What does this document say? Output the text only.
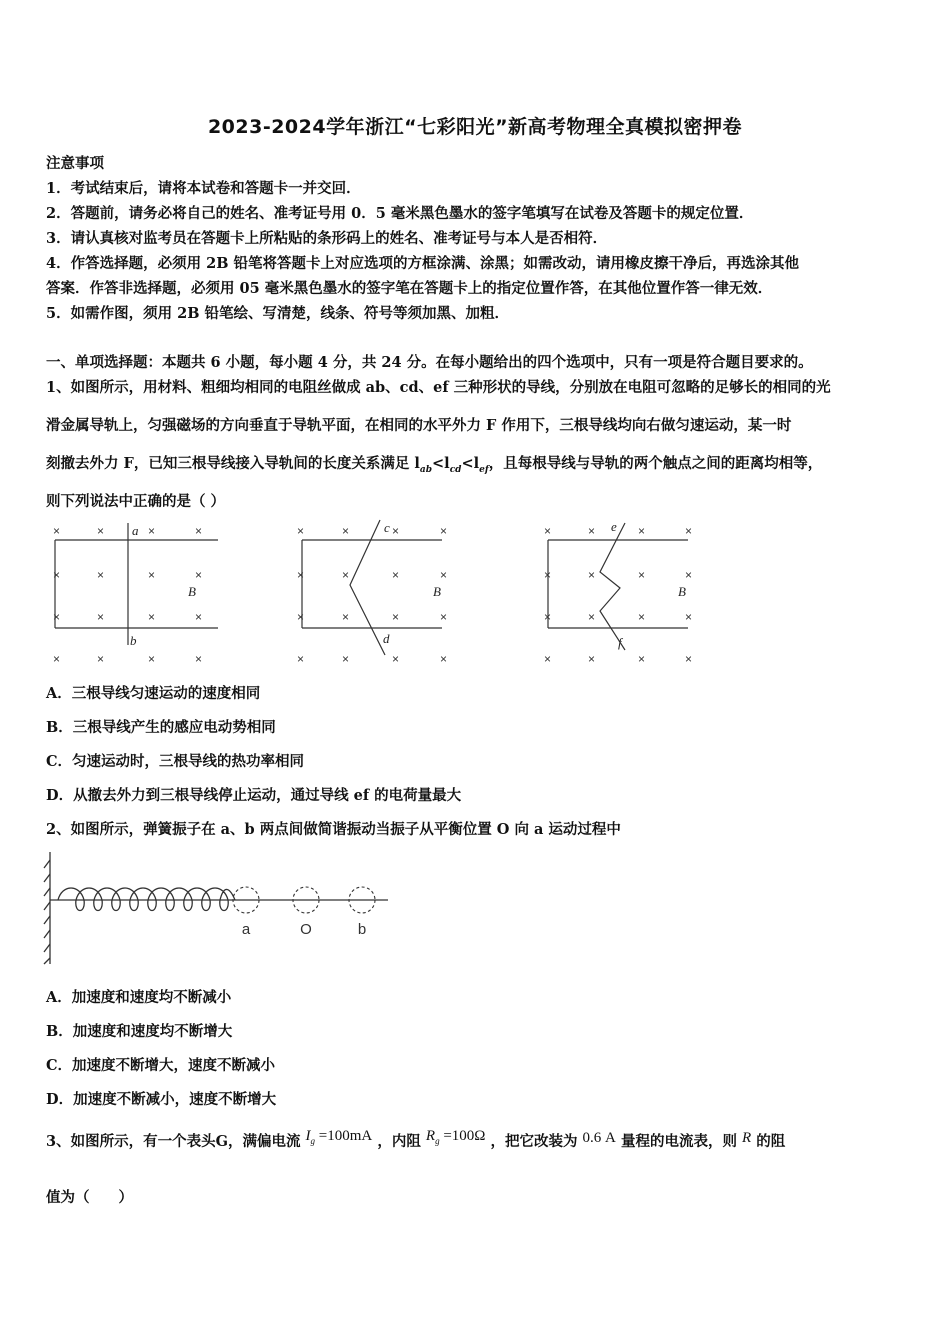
2023-2024学年浙江“七彩阳光”新高考物理全真模拟密押卷
注意事项
1．考试结束后，请将本试卷和答题卡一并交回．
2．答题前，请务必将自己的姓名、准考证号用 0．5 毫米黑色墨水的签字笔填写在试卷及答题卡的规定位置．
3．请认真核对监考员在答题卡上所粘贴的条形码上的姓名、准考证号与本人是否相符．
4．作答选择题，必须用 2B 铅笔将答题卡上对应选项的方框涂满、涂黑；如需改动，请用橡皮擦干净后，再选涂其他
答案．作答非选择题，必须用 05 毫米黑色墨水的签字笔在答题卡上的指定位置作答，在其他位置作答一律无效．
5．如需作图，须用 2B 铅笔绘、写清楚，线条、符号等须加黑、加粗．
一、单项选择题：本题共 6 小题，每小题 4 分，共 24 分。在每小题给出的四个选项中，只有一项是符合题目要求的。
1、如图所示，用材料、粗细均相同的电阻丝做成 ab、cd、ef 三种形状的导线，分别放在电阻可忽略的足够长的相同的光
滑金属导轨上，匀强磁场的方向垂直于导轨平面，在相同的水平外力 F 作用下，三根导线均向右做匀速运动，某一时
刻撤去外力 F，已知三根导线接入导轨间的长度关系满足 $l_{ab}<l_{cd}<l_{ef}$，且每根导线与导轨的两个触点之间的距离均相等，
则下列说法中正确的是（ ）
×	×	×	×
×	×	×	×
×	×	×	×
×	×	×	×
×	×	×	×
×	×	×	×
×	×	×	×
×	×	×	×
×	×	×	×
×	×	×	×
×	×	×	×
×	×	×	×
a
b
B
c
d
B
e
f
B
A．三根导线匀速运动的速度相同
B．三根导线产生的感应电动势相同
C．匀速运动时，三根导线的热功率相同
D．从撤去外力到三根导线停止运动，通过导线 ef 的电荷量最大
2、如图所示，弹簧振子在 a、b 两点间做简谐振动当振子从平衡位置 O 向 a 运动过程中
a	O	b
A．加速度和速度均不断减小
B．加速度和速度均不断增大
C．加速度不断增大，速度不断减小
D．加速度不断减小，速度不断增大
3、如图所示，有一个表头G，满偏电流 $I_g =100mA$ ，内阻 $R_g =100\Omega$ ，把它改装为 0.6 A 量程的电流表，则 R 的阻
值为（　　）
